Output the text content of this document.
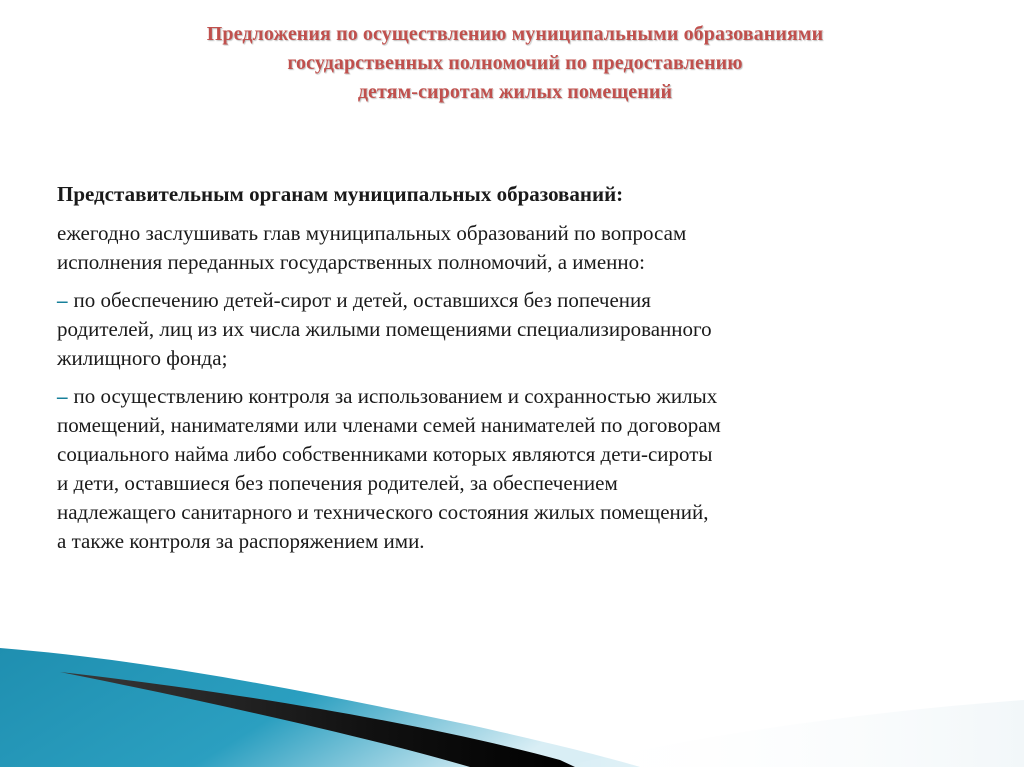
Предложения по осуществлению муниципальными образованиями
государственных полномочий по предоставлению
детям-сиротам жилых помещений
Представительным органам муниципальных образований:
ежегодно заслушивать глав муниципальных образований по вопросам
исполнения переданных государственных полномочий, а именно:
– по обеспечению детей-сирот и детей, оставшихся без попечения
родителей, лиц из их числа жилыми помещениями специализированного
жилищного фонда;
– по осуществлению контроля за использованием и сохранностью жилых
помещений, нанимателями или членами семей нанимателей по договорам
социального найма либо собственниками которых являются дети-сироты
и дети, оставшиеся без попечения родителей, за обеспечением
надлежащего санитарного и технического состояния жилых помещений,
а также контроля за распоряжением ими.
